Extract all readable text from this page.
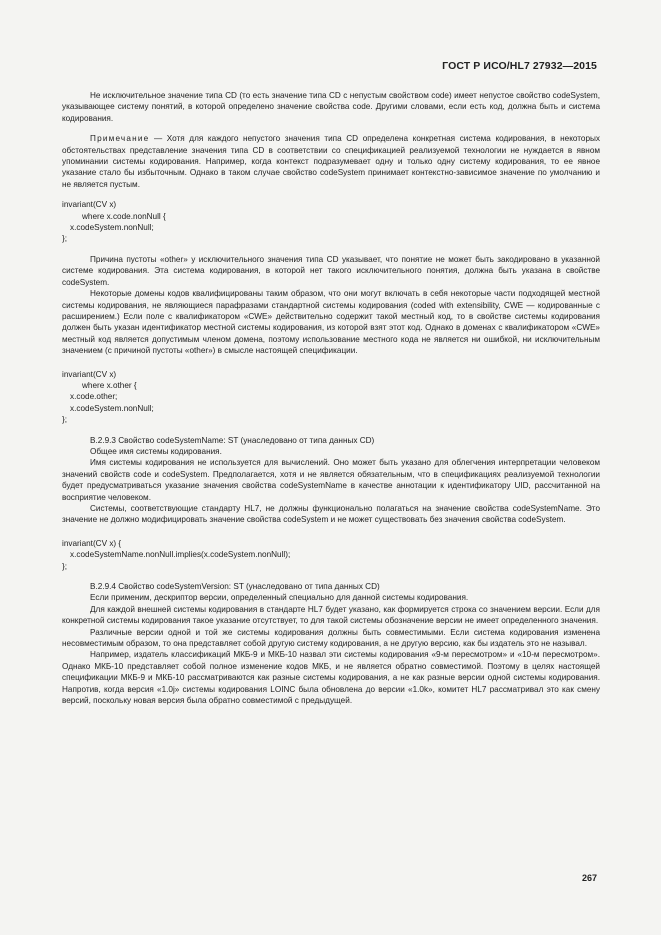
ГОСТ Р ИСО/HL7 27932—2015

Не исключительное значение типа CD (то есть значение типа CD с непустым свойством code) имеет непустое свойство codeSystem, указывающее систему понятий, в которой определено значение свойства code. Другими словами, если есть код, должна быть и система кодирования.

Примечание — Хотя для каждого непустого значения типа CD определена конкретная система кодирования, в некоторых обстоятельствах представление значения типа CD в соответствии со спецификацией реализуемой технологии не нуждается в явном упоминании системы кодирования. Например, когда контекст подразумевает одну и только одну систему кодирования, то ее явное указание стало бы избыточным. Однако в таком случае свойство codeSystem принимает контекстно-зависимое значение по умолчанию и не является пустым.

invariant(CV x)
where x.code.nonNull {
x.codeSystem.nonNull;
};

Причина пустоты «other» у исключительного значения типа CD указывает, что понятие не может быть закодировано в указанной системе кодирования. Эта система кодирования, в которой нет такого исключительного понятия, должна быть указана в свойстве codeSystem.

Некоторые домены кодов квалифицированы таким образом, что они могут включать в себя некоторые части подходящей местной системы кодирования, не являющиеся парафразами стандартной системы кодирования (coded with extensibility, CWE — кодированные с расширением.) Если поле с квалификатором «CWE» действительно содержит такой местный код, то в свойстве системы кодирования должен быть указан идентификатор местной системы кодирования, из которой взят этот код. Однако в доменах с квалификатором «CWE» местный код является допустимым членом домена, поэтому использование местного кода не является ни ошибкой, ни исключительным значением (с причиной пустоты «other») в смысле настоящей спецификации.

invariant(CV x)
where x.other {
x.code.other;
x.codeSystem.nonNull;
};

B.2.9.3 Свойство codeSystemName: ST (унаследовано от типа данных CD)

Общее имя системы кодирования.

Имя системы кодирования не используется для вычислений. Оно может быть указано для облегчения интерпретации человеком значений свойств code и codeSystem. Предполагается, хотя и не является обязательным, что в спецификациях реализуемой технологии будет предусматриваться указание значения свойства codeSystemName в качестве аннотации к идентификатору UID, рассчитанной на восприятие человеком.

Системы, соответствующие стандарту HL7, не должны функционально полагаться на значение свойства codeSystemName. Это значение не должно модифицировать значение свойства codeSystem и не может существовать без значения свойства codeSystem.

invariant(CV x) {
x.codeSystemName.nonNull.implies(x.codeSystem.nonNull);
};

B.2.9.4 Свойство codeSystemVersion: ST (унаследовано от типа данных CD)

Если применим, дескриптор версии, определенный специально для данной системы кодирования.

Для каждой внешней системы кодирования в стандарте HL7 будет указано, как формируется строка со значением версии. Если для конкретной системы кодирования такое указание отсутствует, то для такой системы обозначение версии не имеет определенного значения.

Различные версии одной и той же системы кодирования должны быть совместимыми. Если система кодирования изменена несовместимым образом, то она представляет собой другую систему кодирования, а не другую версию, как бы издатель это не называл.

Например, издатель классификаций МКБ-9 и МКБ-10 назвал эти системы кодирования «9-м пересмотром» и «10-м пересмотром». Однако МКБ-10 представляет собой полное изменение кодов МКБ, и не является обратно совместимой. Поэтому в целях настоящей спецификации МКБ-9 и МКБ-10 рассматриваются как разные системы кодирования, а не как разные версии одной системы кодирования. Напротив, когда версия «1.0j» системы кодирования LOINC была обновлена до версии «1.0k», комитет HL7 рассматривал это как смену версий, поскольку новая версия была обратно совместимой с предыдущей.

267
